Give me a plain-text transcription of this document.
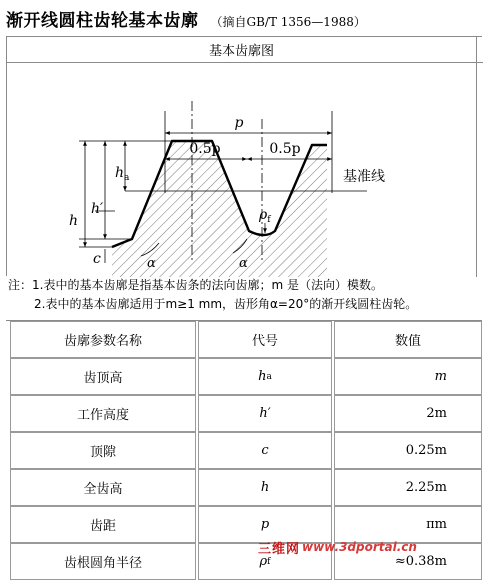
渐开线圆柱齿轮基本齿廓 （摘自GB/T 1356—1988）
基本齿廓图
p
0.5p	0.5p
基准线
h
h′
$h_a$
c	α	α
$\rho_f$
注：1.表中的基本齿廓是指基本齿条的法向齿廓；m 是（法向）模数。
2.表中的基本齿廓适用于m≥1 mm，齿形角α=20°的渐开线圆柱齿轮。
齿廓参数名称	代号	数值
齿顶高	h a	m
工作高度	h′	2m
顶隙	c	0.25m
全齿高	h	2.25m
齿距	p	πm
齿根圆角半径	ρ f	≈0.38m
三维网 www.3dportal.cn
